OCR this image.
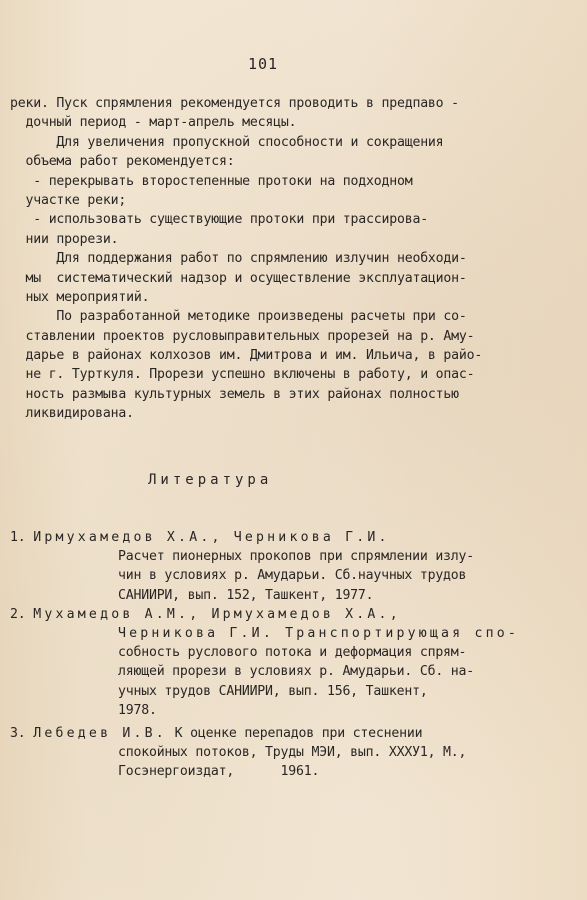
101
реки. Пуск спрямления рекомендуется проводить в предпаво -
дочный период - март-апрель месяцы.
Для увеличения пропускной способности и сокращения
объема работ рекомендуется:
- перекрывать второстепенные протоки на подходном
участке реки;
- использовать существующие протоки при трассирова-
нии прорези.
Для поддержания работ по спрямлению излучин необходи-
мы  систематический надзор и осуществление эксплуатацион-
ных мероприятий.
По разработанной методике произведены расчеты при со-
ставлении проектов русловыправительных прорезей на р. Аму-
дарье в районах колхозов им. Дмитрова и им. Ильича, в райо-
не г. Турткуля. Прорези успешно включены в работу, и опас-
ность размыва культурных земель в этих районах полностью
ликвидирована.
Литература
1. Ирмухамедов Х.А., Черникова Г.И.
Расчет пионерных прокопов при спрямлении излу-
чин в условиях р. Амударьи. Сб.научных трудов
САНИИРИ, вып. 152, Ташкент, 1977.
2. Мухамедов А.М., Ирмухамедов Х.А.,
Черникова Г.И. Транспортирующая спо-
собность руслового потока и деформация спрям-
ляющей прорези в условиях р. Амударьи. Сб. на-
учных трудов САНИИРИ, вып. 156, Ташкент,
1978.
3. Лебедев И.В. К оценке перепадов при стеснении
спокойных потоков, Труды МЭИ, вып. ХХХУ1, М.,
Госэнергоиздат,      1961.
